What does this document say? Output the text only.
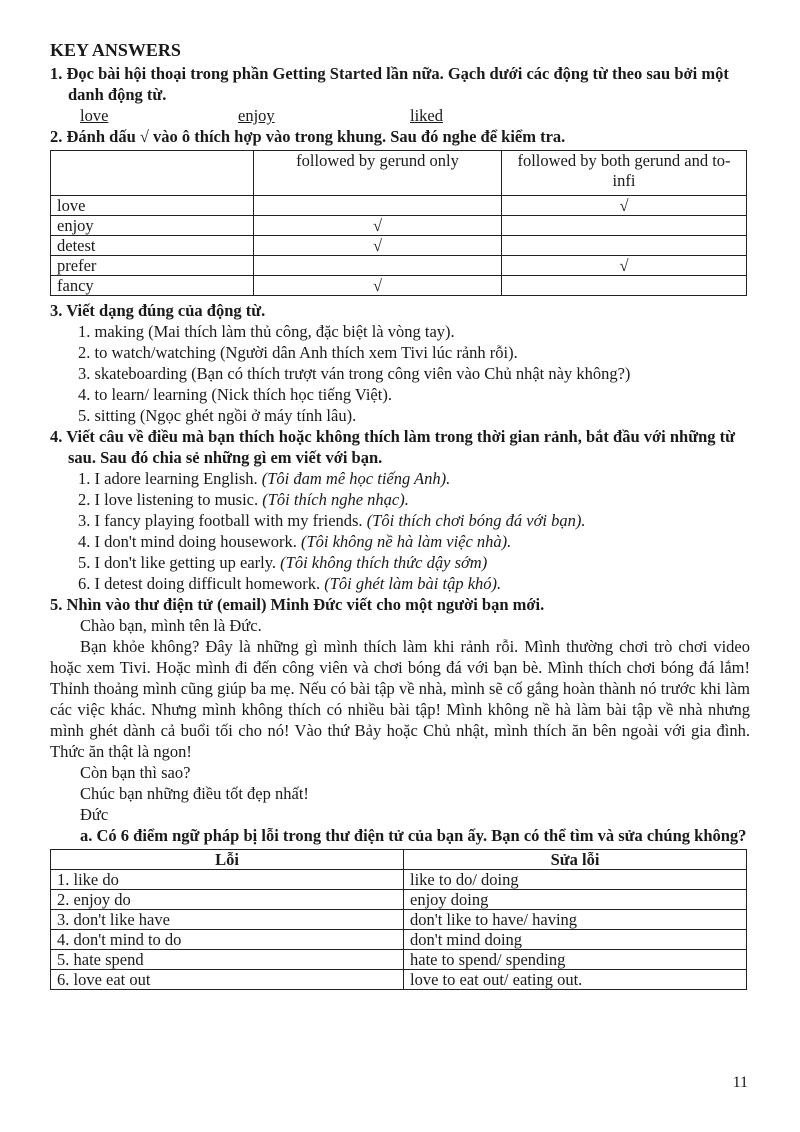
KEY ANSWERS
1. Đọc bài hội thoại trong phần Getting Started lần nữa. Gạch dưới các động từ theo sau bởi một danh động từ.
love	enjoy	liked
2. Đánh dấu √ vào ô thích hợp vào trong khung. Sau đó nghe để kiểm tra.
	followed by gerund only	followed by both gerund and to-infi
love		√
enjoy	√	
detest	√	
prefer		√
fancy	√	
3. Viết dạng đúng của động từ.
1. making (Mai thích làm thủ công, đặc biệt là vòng tay).
2. to watch/watching (Người dân Anh thích xem Tivi lúc rảnh rỗi).
3. skateboarding (Bạn có thích trượt ván trong công viên vào Chủ nhật này không?)
4. to learn/ learning (Nick thích học tiếng Việt).
5. sitting (Ngọc ghét ngồi ở máy tính lâu).
4. Viết câu về điều mà bạn thích hoặc không thích làm trong thời gian rảnh, bắt đầu với những từ sau. Sau đó chia sẻ những gì em viết với bạn.
1. I adore learning English. (Tôi đam mê học tiếng Anh).
2. I love listening to music. (Tôi thích nghe nhạc).
3. I fancy playing football with my friends. (Tôi thích chơi bóng đá với bạn).
4. I don't mind doing housework. (Tôi không nề hà làm việc nhà).
5. I don't like getting up early. (Tôi không thích thức dậy sớm)
6. I detest doing difficult homework. (Tôi ghét làm bài tập khó).
5. Nhìn vào thư điện tử (email) Minh Đức viết cho một người bạn mới.
Chào bạn, mình tên là Đức.
Bạn khỏe không? Đây là những gì mình thích làm khi rảnh rỗi. Mình thường chơi trò chơi video hoặc xem Tivi. Hoặc mình đi đến công viên và chơi bóng đá với bạn bè. Mình thích chơi bóng đá lắm! Thỉnh thoảng mình cũng giúp ba mẹ. Nếu có bài tập về nhà, mình sẽ cố gắng hoàn thành nó trước khi làm các việc khác. Nhưng mình không thích có nhiều bài tập! Mình không nề hà làm bài tập về nhà nhưng mình ghét dành cả buổi tối cho nó! Vào thứ Bảy hoặc Chủ nhật, mình thích ăn bên ngoài với gia đình. Thức ăn thật là ngon!
Còn bạn thì sao?
Chúc bạn những điều tốt đẹp nhất!
Đức
a. Có 6 điểm ngữ pháp bị lỗi trong thư điện tử của bạn ấy. Bạn có thể tìm và sửa chúng không?
Lỗi	Sửa lỗi
1. like do	like to do/ doing
2. enjoy do	enjoy doing
3. don't like have	don't like to have/ having
4. don't mind to do	don't mind doing
5. hate spend	hate to spend/ spending
6. love eat out	love to eat out/ eating out.
11
